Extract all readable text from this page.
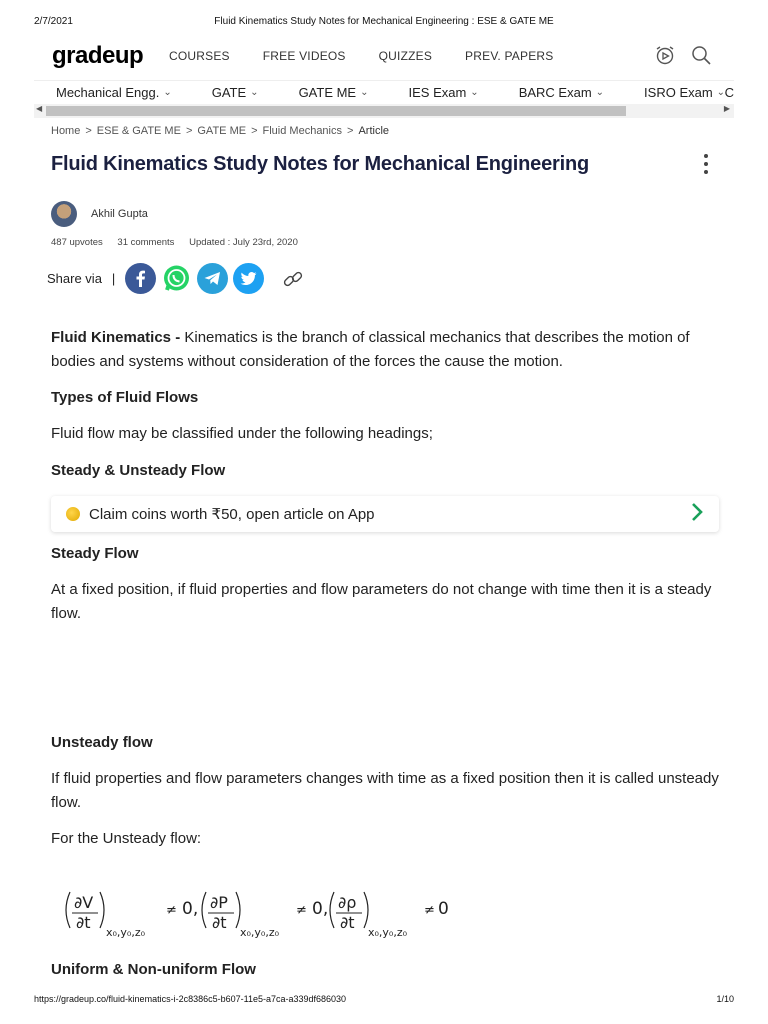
2/7/2021	Fluid Kinematics Study Notes for Mechanical Engineering : ESE & GATE ME
gradeup COURSES	FREE VIDEOS	QUIZZES	PREV. PAPERS
Mechanical Engg. ⌄	GATE ⌄	GATE ME ⌄	IES Exam ⌄	BARC Exam ⌄	ISRO Exam ⌄ C
◀	▶
Home > ESE & GATE ME > GATE ME > Fluid Mechanics > Article
Fluid Kinematics Study Notes for Mechanical Engineering
Akhil Gupta
487 upvotes 31 comments Updated : July 23rd, 2020
Share via |

Fluid Kinematics - Kinematics is the branch of classical mechanics that describes the motion of bodies and systems without consideration of the forces the cause the motion.

Types of Fluid Flows

Fluid flow may be classified under the following headings;

Steady & Unsteady Flow
Claim coins worth ₹50, open article on App
Steady Flow

At a fixed position, if fluid properties and flow parameters do not change with time then it is a steady flow.

Unsteady flow

If fluid properties and flow parameters changes with time as a fixed position then it is called unsteady flow.

For the Unsteady flow:

∂V
∂t
x₀,y₀,z₀
≠ 0, ∂P
∂t
x₀,y₀,z₀
≠ 0, ∂ρ
∂t
x₀,y₀,z₀
≠ 0
Uniform & Non-uniform Flow
https://gradeup.co/fluid-kinematics-i-2c8386c5-b607-11e5-a7ca-a339df686030	1/10
